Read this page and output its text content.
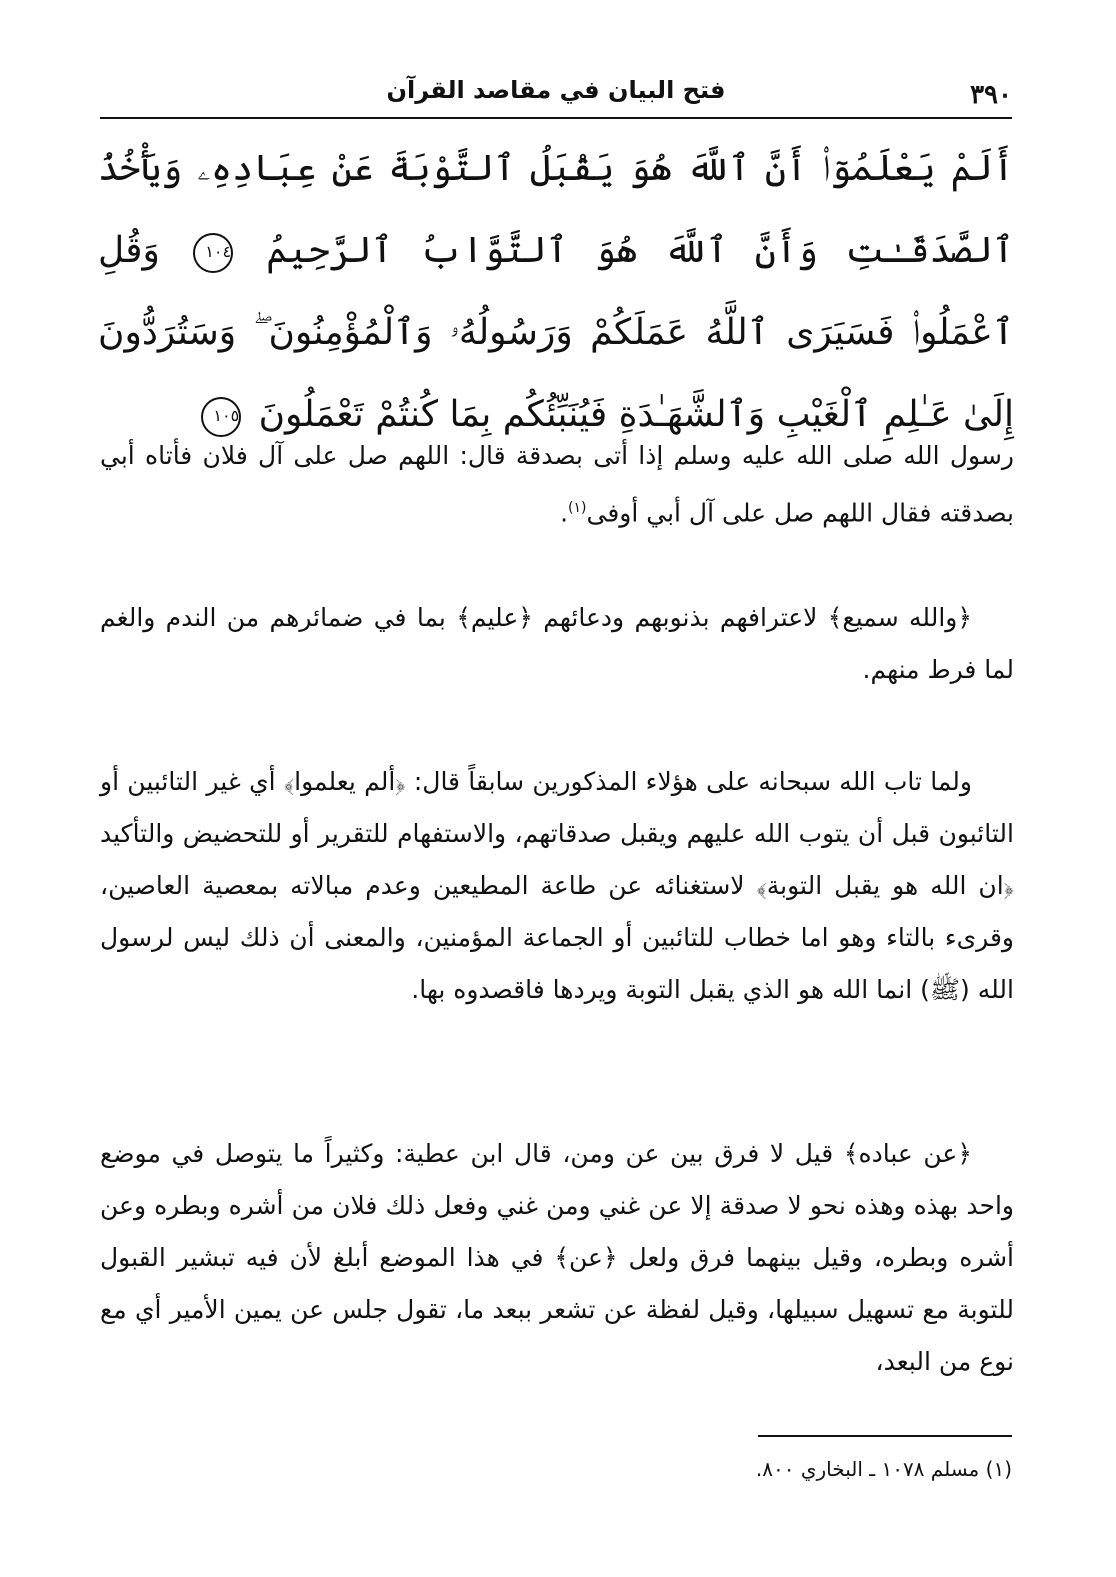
٣٩٠
فتح البيان في مقاصد القرآن
أَلَمْ يَعْلَمُوٓا۟ أَنَّ ٱللَّهَ هُوَ يَقْبَلُ ٱلتَّوْبَةَ عَنْ عِبَادِهِۦ وَيَأْخُذُ ٱلصَّدَقَـٰتِ وَأَنَّ ٱللَّهَ هُوَ ٱلتَّوَّابُ ٱلرَّحِيمُ ١٠٤ وَقُلِ ٱعْمَلُوا۟ فَسَيَرَى ٱللَّهُ عَمَلَكُمْ وَرَسُولُهُۥ وَٱلْمُؤْمِنُونَ ۖ وَسَتُرَدُّونَ إِلَىٰ عَـٰلِمِ ٱلْغَيْبِ وَٱلشَّهَـٰدَةِ فَيُنَبِّئُكُم بِمَا كُنتُمْ تَعْمَلُونَ ١٠٥
رسول الله صلى الله عليه وسلم إذا أتى بصدقة قال: اللهم صل على آل فلان فأتاه أبي بصدقته فقال اللهم صل على آل أبي أوفى$^{(١)}$.
﴿والله سميع﴾ لاعترافهم بذنوبهم ودعائهم ﴿عليم﴾ بما في ضمائرهم من الندم والغم لما فرط منهم.
ولما تاب الله سبحانه على هؤلاء المذكورين سابقاً قال: ﴿ألم يعلموا﴾ أي غير التائبين أو التائبون قبل أن يتوب الله عليهم ويقبل صدقاتهم، والاستفهام للتقرير أو للتحضيض والتأكيد ﴿ان الله هو يقبل التوبة﴾ لاستغنائه عن طاعة المطيعين وعدم مبالاته بمعصية العاصين، وقرىء بالتاء وهو اما خطاب للتائبين أو الجماعة المؤمنين، والمعنى أن ذلك ليس لرسول الله (ﷺ) انما الله هو الذي يقبل التوبة ويردها فاقصدوه بها.
﴿عن عباده﴾ قيل لا فرق بين عن ومن، قال ابن عطية: وكثيراً ما يتوصل في موضع واحد بهذه وهذه نحو لا صدقة إلا عن غني ومن غني وفعل ذلك فلان من أشره وبطره وعن أشره وبطره، وقيل بينهما فرق ولعل ﴿عن﴾ في هذا الموضع أبلغ لأن فيه تبشير القبول للتوبة مع تسهيل سبيلها، وقيل لفظة عن تشعر ببعد ما، تقول جلس عن يمين الأمير أي مع نوع من البعد،
(١) مسلم ١٠٧٨ ـ البخاري ٨٠٠.
